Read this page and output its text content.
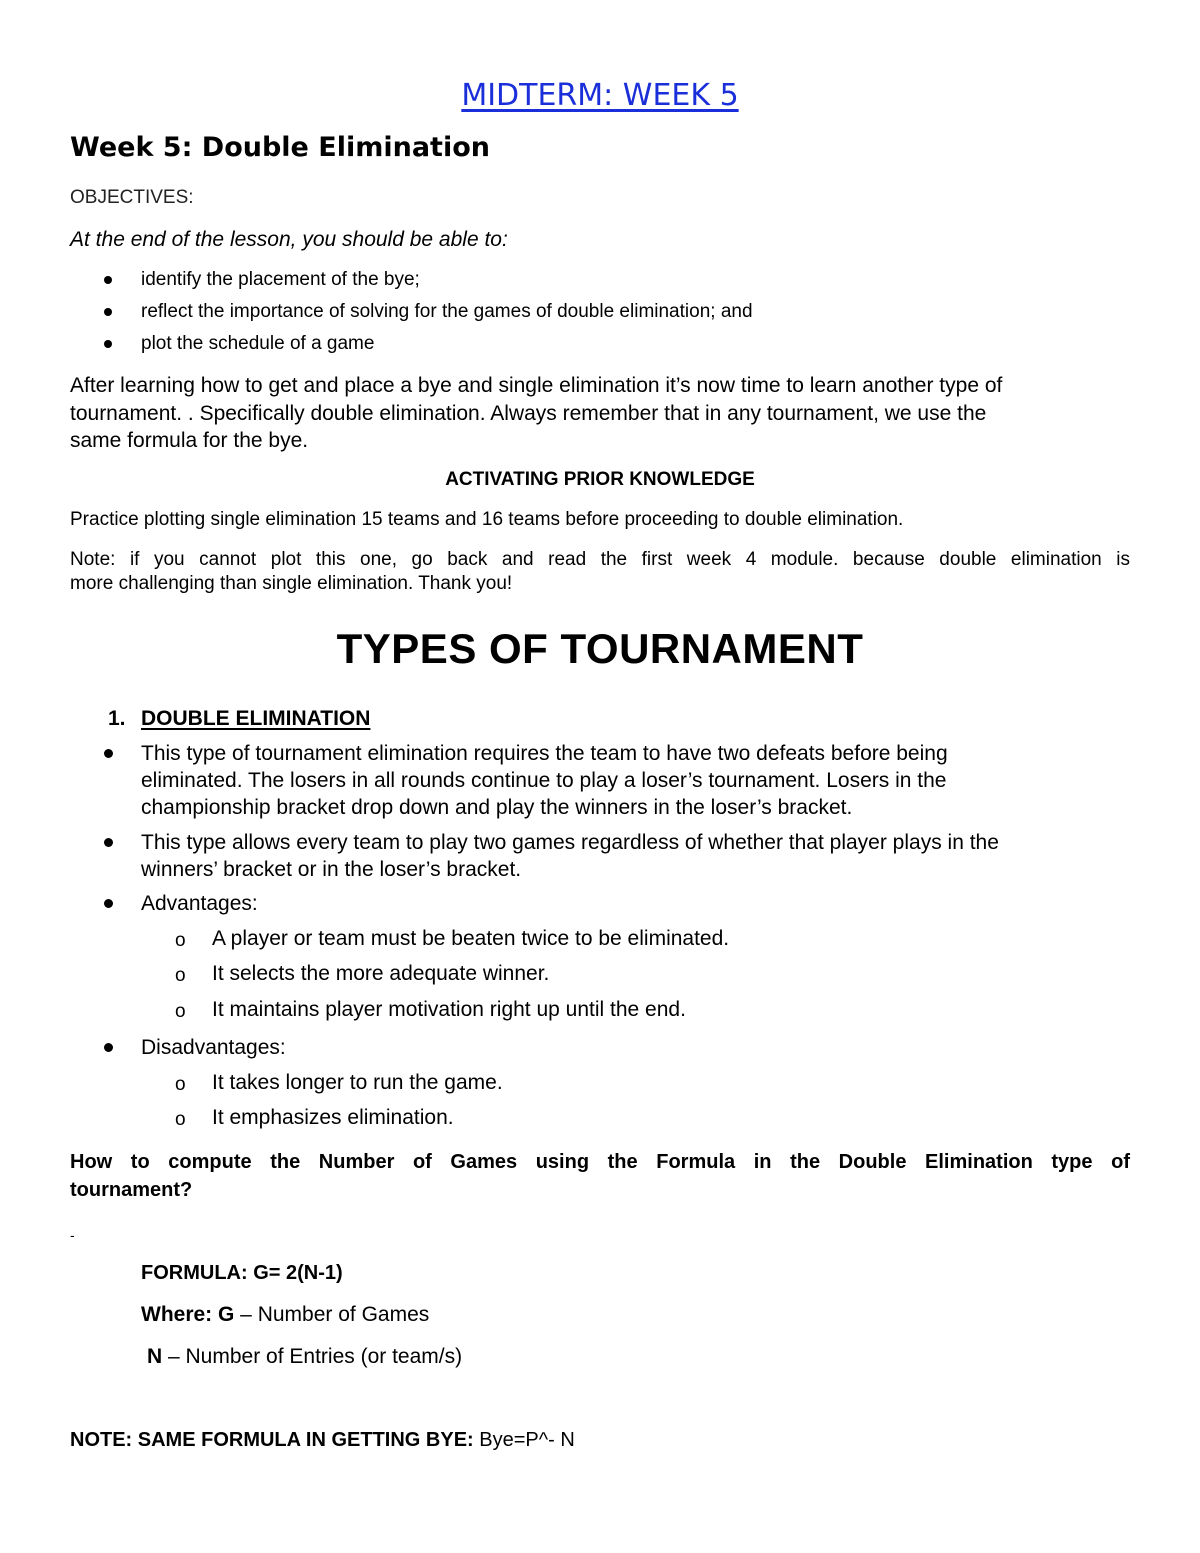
MIDTERM: WEEK 5
Week 5: Double Elimination
OBJECTIVES:
At the end of the lesson, you should be able to:
identify the placement of the bye;
reflect the importance of solving for the games of double elimination; and
plot the schedule of a game
After learning how to get and place a bye and single elimination it’s now time to learn another type of
tournament. . Specifically double elimination. Always remember that in any tournament, we use the
same formula for the bye.
ACTIVATING PRIOR KNOWLEDGE
Practice plotting single elimination 15 teams and 16 teams before proceeding to double elimination.
Note: if you cannot plot this one, go back and read the first week 4 module. because double elimination is
more challenging than single elimination. Thank you!
TYPES OF TOURNAMENT
1. DOUBLE ELIMINATION
This type of tournament elimination requires the team to have two defeats before being
eliminated. The losers in all rounds continue to play a loser’s tournament. Losers in the
championship bracket drop down and play the winners in the loser’s bracket.
This type allows every team to play two games regardless of whether that player plays in the
winners’ bracket or in the loser’s bracket.
Advantages:
o A player or team must be beaten twice to be eliminated.
o It selects the more adequate winner.
o It maintains player motivation right up until the end.
Disadvantages:
o It takes longer to run the game.
o It emphasizes elimination.
How to compute the Number of Games using the Formula in the Double Elimination type of
tournament?
-
FORMULA: G= 2(N-1)
Where: G – Number of Games
N – Number of Entries (or team/s)
NOTE: SAME FORMULA IN GETTING BYE: Bye=P^- N
